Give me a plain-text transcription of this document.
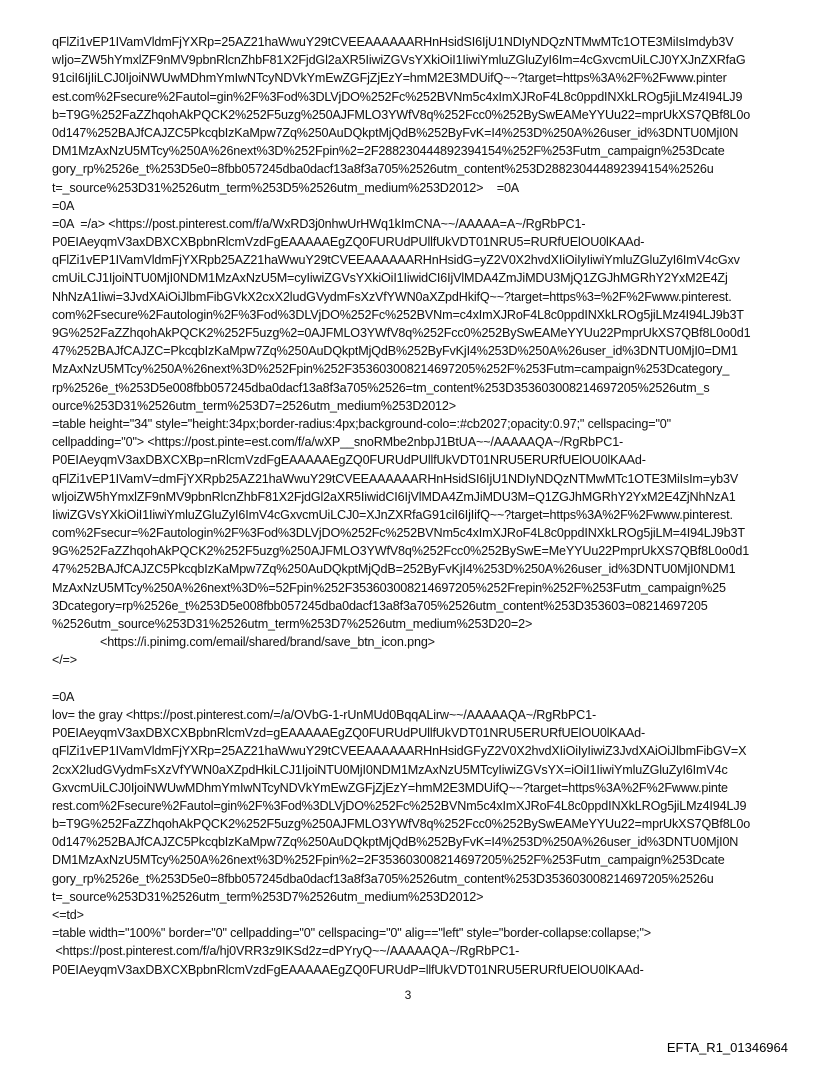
qFlZi1vEP1IVamVldmFjYXRp=25AZ21haWwuY29tCVEEAAAAAARHnHsidSI6IjU1NDIyNDQzNTMwMTc1OTE3MiIsImdyb3V
wIjo=ZW5hYmxlZF9nMV9pbnRlcnZhbF81X2FjdGl2aXR5IiwiZGVsYXkiOiI1IiwiYmluZGluZyI6Im=4cGxvcmUiLCJ0YXJnZXRfaG
91ciI6IjIiLCJ0IjoiNWUwMDhmYmIwNTcyNDVkYmEwZGFjZjEzY=hmM2E3MDUifQ~~?target=https%3A%2F%2Fwww.pinter
est.com%2Fsecure%2Fautol=gin%2F%3Fod%3DLVjDO%252Fc%252BVNm5c4xImXJRoF4L8c0ppdINXkLROg5jiLMz4I94LJ9
b=T9G%252FaZZhqohAkPQCK2%252F5uzg%250AJFMLO3YWfV8q%252Fcc0%252BySwEAMeYYUu22=mprUkXS7QBf8L0o
0d147%252BAJfCAJZC5PkcqbIzKaMpw7Zq%250AuDQkptMjQdB%252ByFvK=I4%253D%250A%26user_id%3DNTU0MjI0N
DM1MzAxNzU5MTcy%250A%26next%3D%252Fpin%2=2F288230444892394154%252F%253Futm_campaign%253Dcate
gory_rp%2526e_t%253D5e0=8fbb057245dba0dacf13a8f3a705%2526utm_content%253D288230444892394154%2526u
t=_source%253D31%2526utm_term%253D5%2526utm_medium%253D2012>    =0A
=0A
=0A  =/a> <https://post.pinterest.com/f/a/WxRD3j0nhwUrHWq1kImCNA~~/AAAAA=A~/RgRbPC1-
P0EIAeyqmV3axDBXCXBpbnRlcmVzdFgEAAAAAEgZQ0FURUdPUllfUkVDT01NRU5=RURfUElOU0lKAAd-
qFlZi1vEP1IVamVldmFjYXRpb25AZ21haWwuY29tCVEEAAAAAARHnHsidG=yZ2V0X2hvdXIiOiIyIiwiYmluZGluZyI6ImV4cGxv
cmUiLCJ1IjoiNTU0MjI0NDM1MzAxNzU5M=cyIiwiZGVsYXkiOiI1IiwidCI6IjVlMDA4ZmJiMDU3MjQ1ZGJhMGRhY2YxM2E4Zj
NhNzA1Iiwi=3JvdXAiOiJlbmFibGVkX2cxX2ludGVydmFsXzVfYWN0aXZpdHkifQ~~?target=https%3=%2F%2Fwww.pinterest.
com%2Fsecure%2Fautologin%2F%3Fod%3DLVjDO%252Fc%252BVNm=c4xImXJRoF4L8c0ppdINXkLROg5jiLMz4I94LJ9b3T
9G%252FaZZhqohAkPQCK2%252F5uzg%2=0AJFMLO3YWfV8q%252Fcc0%252BySwEAMeYYUu22PmprUkXS7QBf8L0o0d1
47%252BAJfCAJZC=PkcqbIzKaMpw7Zq%250AuDQkptMjQdB%252ByFvKjI4%253D%250A%26user_id%3DNTU0MjI0=DM1
MzAxNzU5MTcy%250A%26next%3D%252Fpin%252F353603008214697205%252F%253Futm=campaign%253Dcategory_
rp%2526e_t%253D5e008fbb057245dba0dacf13a8f3a705%2526=tm_content%253D353603008214697205%2526utm_s
ource%253D31%2526utm_term%253D7=2526utm_medium%253D2012>
=table height="34" style="height:34px;border-radius:4px;background-colo=:#cb2027;opacity:0.97;" cellspacing="0"
cellpadding="0"> <https://post.pinte=est.com/f/a/wXP__snoRMbe2nbpJ1BtUA~~/AAAAAQA~/RgRbPC1-
P0EIAeyqmV3axDBXCXBp=nRlcmVzdFgEAAAAAEgZQ0FURUdPUllfUkVDT01NRU5ERURfUElOU0lKAAd-
qFlZi1vEP1IVamV=dmFjYXRpb25AZ21haWwuY29tCVEEAAAAAARHnHsidSI6IjU1NDIyNDQzNTMwMTc1OTE3MiIsIm=yb3V
wIjoiZW5hYmxlZF9nMV9pbnRlcnZhbF81X2FjdGl2aXR5IiwidCI6IjVlMDA4ZmJiMDU3M=Q1ZGJhMGRhY2YxM2E4ZjNhNzA1
IiwiZGVsYXkiOiI1IiwiYmluZGluZyI6ImV4cGxvcmUiLCJ0=XJnZXRfaG91ciI6IjIifQ~~?target=https%3A%2F%2Fwww.pinterest.
com%2Fsecur=%2Fautologin%2F%3Fod%3DLVjDO%252Fc%252BVNm5c4xImXJRoF4L8c0ppdINXkLROg5jiLM=4I94LJ9b3T
9G%252FaZZhqohAkPQCK2%252F5uzg%250AJFMLO3YWfV8q%252Fcc0%252BySwE=MeYYUu22PmprUkXS7QBf8L0o0d1
47%252BAJfCAJZC5PkcqbIzKaMpw7Zq%250AuDQkptMjQdB=252ByFvKjI4%253D%250A%26user_id%3DNTU0MjI0NDM1
MzAxNzU5MTcy%250A%26next%3D%=52Fpin%252F353603008214697205%252Frepin%252F%253Futm_campaign%25
3Dcategory=rp%2526e_t%253D5e008fbb057245dba0dacf13a8f3a705%2526utm_content%253D353603=08214697205
%2526utm_source%253D31%2526utm_term%253D7%2526utm_medium%253D20=2>
<https://i.pinimg.com/email/shared/brand/save_btn_icon.png>
</=>
=0A
lov= the gray <https://post.pinterest.com/=/a/OVbG-1-rUnMUd0BqqALirw~~/AAAAAQA~/RgRbPC1-
P0EIAeyqmV3axDBXCXBpbnRlcmVzd=gEAAAAAEgZQ0FURUdPUllfUkVDT01NRU5ERURfUElOU0lKAAd-
qFlZi1vEP1IVamVldmFjYXRp=25AZ21haWwuY29tCVEEAAAAAARHnHsidGFyZ2V0X2hvdXIiOiIyIiwiZ3JvdXAiOiJlbmFibGV=X
2cxX2ludGVydmFsXzVfYWN0aXZpdHkiLCJ1IjoiNTU0MjI0NDM1MzAxNzU5MTcyIiwiZGVsYX=iOiI1IiwiYmluZGluZyI6ImV4c
GxvcmUiLCJ0IjoiNWUwMDhmYmIwNTcyNDVkYmEwZGFjZjEzY=hmM2E3MDUifQ~~?target=https%3A%2F%2Fwww.pinte
rest.com%2Fsecure%2Fautol=gin%2F%3Fod%3DLVjDO%252Fc%252BVNm5c4xImXJRoF4L8c0ppdINXkLROg5jiLMz4I94LJ9
b=T9G%252FaZZhqohAkPQCK2%252F5uzg%250AJFMLO3YWfV8q%252Fcc0%252BySwEAMeYYUu22=mprUkXS7QBf8L0o
0d147%252BAJfCAJZC5PkcqbIzKaMpw7Zq%250AuDQkptMjQdB%252ByFvK=I4%253D%250A%26user_id%3DNTU0MjI0N
DM1MzAxNzU5MTcy%250A%26next%3D%252Fpin%2=2F353603008214697205%252F%253Futm_campaign%253Dcate
gory_rp%2526e_t%253D5e0=8fbb057245dba0dacf13a8f3a705%2526utm_content%253D353603008214697205%2526u
t=_source%253D31%2526utm_term%253D7%2526utm_medium%253D2012>
<=td>
=table width="100%" border="0" cellpadding="0" cellspacing="0" alig=="left" style="border-collapse:collapse;">
<https://post.pinterest.com/f/a/hj0VRR3z9IKSd2z=dPYryQ~~/AAAAAQA~/RgRbPC1-
P0EIAeyqmV3axDBXCXBpbnRlcmVzdFgEAAAAAEgZQ0FURUdP=llfUkVDT01NRU5ERURfUElOU0lKAAd-
3
EFTA_R1_01346964
